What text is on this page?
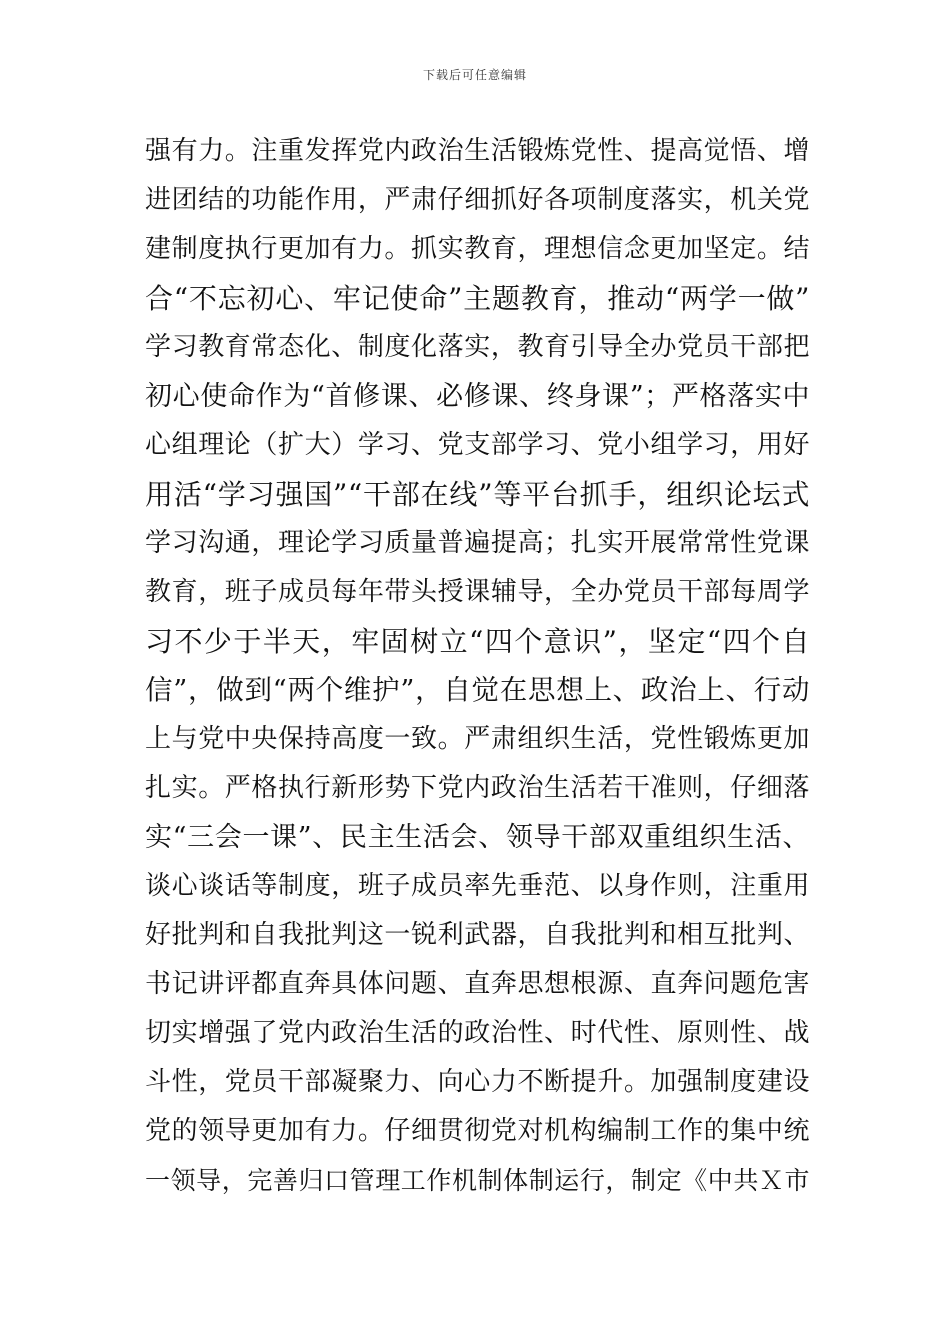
下载后可任意编辑
强有力。注重发挥党内政治生活锻炼党性、提高觉悟、增
进团结的功能作用，严肃仔细抓好各项制度落实，机关党
建制度执行更加有力。抓实教育，理想信念更加坚定。结
合“不忘初心、牢记使命”主题教育，推动“两学一做”
学习教育常态化、制度化落实，教育引导全办党员干部把
初心使命作为“首修课、必修课、终身课”；严格落实中
心组理论（扩大）学习、党支部学习、党小组学习，用好
用活“学习强国”“干部在线”等平台抓手，组织论坛式
学习沟通，理论学习质量普遍提高；扎实开展常常性党课
教育，班子成员每年带头授课辅导，全办党员干部每周学
习不少于半天，牢固树立“四个意识”，坚定“四个自
信”，做到“两个维护”，自觉在思想上、政治上、行动
上与党中央保持高度一致。严肃组织生活，党性锻炼更加
扎实。严格执行新形势下党内政治生活若干准则，仔细落
实“三会一课”、民主生活会、领导干部双重组织生活、
谈心谈话等制度，班子成员率先垂范、以身作则，注重用
好批判和自我批判这一锐利武器，自我批判和相互批判、
书记讲评都直奔具体问题、直奔思想根源、直奔问题危害
切实增强了党内政治生活的政治性、时代性、原则性、战
斗性，党员干部凝聚力、向心力不断提升。加强制度建设
党的领导更加有力。仔细贯彻党对机构编制工作的集中统
一领导，完善归口管理工作机制体制运行，制定《中共Ｘ市
